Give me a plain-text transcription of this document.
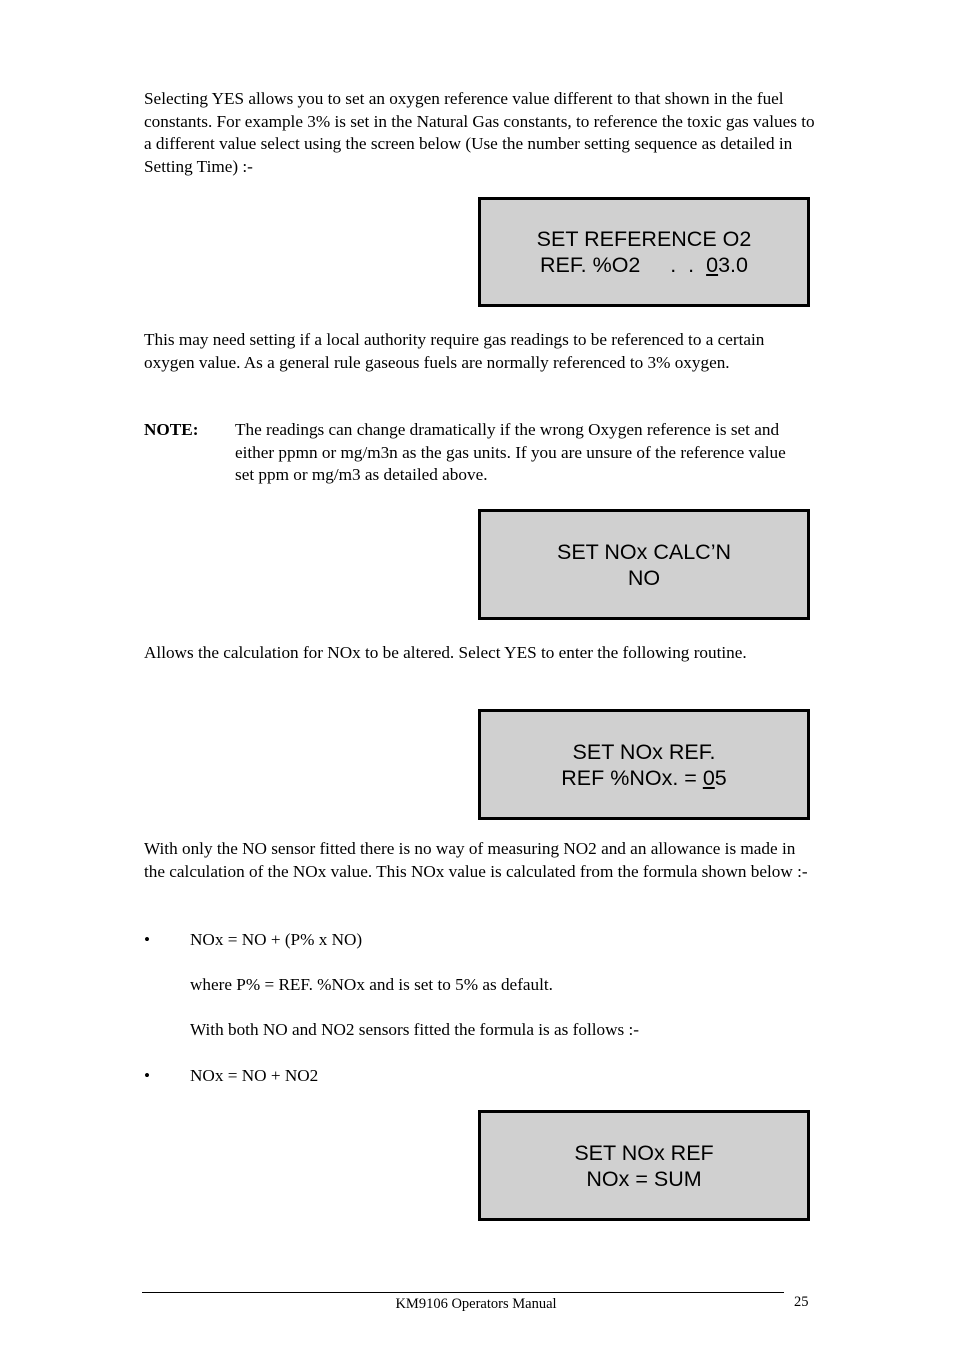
Selecting YES allows you to set an oxygen reference value different to that shown in the fuel constants. For example 3% is set in the Natural Gas constants, to reference the toxic gas values to a different value select using the screen below (Use the number setting sequence as detailed in Setting Time) :-

SET REFERENCE O2
REF. %O2     .  .  03.0

This may need setting if a local authority require gas readings to be referenced to a certain oxygen value. As a general rule gaseous fuels are normally referenced to 3% oxygen.

NOTE: The readings can change dramatically if the wrong Oxygen reference is set and either ppmn or mg/m3n as the gas units. If you are unsure of the reference value set ppm or mg/m3 as detailed above.

SET NOx CALC’N
NO

Allows the calculation for NOx to be altered. Select YES to enter the following routine.

SET NOx REF.
REF %NOx. = 05

With only the NO sensor fitted there is no way of measuring NO2 and an allowance is made in the calculation of the NOx value. This NOx value is calculated from the formula shown below :-

• NOx = NO + (P% x NO)
where P% = REF. %NOx and is set to 5% as default.
With both NO and NO2 sensors fitted the formula is as follows :-
• NOx = NO + NO2
SET NOx REF
NOx = SUM
KM9106 Operators Manual	25
